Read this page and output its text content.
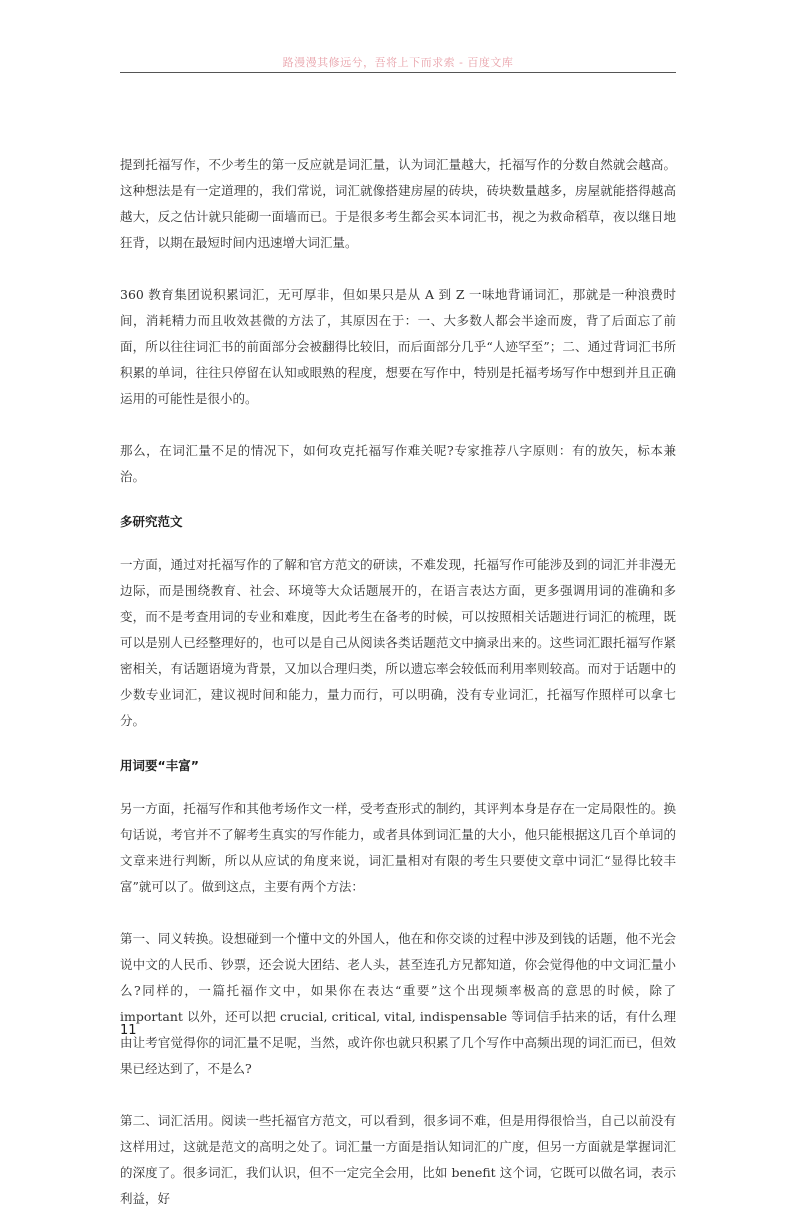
路漫漫其修远兮，吾将上下而求索 - 百度文库

提到托福写作，不少考生的第一反应就是词汇量，认为词汇量越大，托福写作的分数自然就会越高。这种想法是有一定道理的，我们常说，词汇就像搭建房屋的砖块，砖块数量越多，房屋就能搭得越高越大，反之估计就只能砌一面墙而已。于是很多考生都会买本词汇书，视之为救命稻草，夜以继日地狂背，以期在最短时间内迅速增大词汇量。

360 教育集团说积累词汇，无可厚非，但如果只是从 A 到 Z 一味地背诵词汇，那就是一种浪费时间，消耗精力而且收效甚微的方法了，其原因在于：一、大多数人都会半途而废，背了后面忘了前面，所以往往词汇书的前面部分会被翻得比较旧，而后面部分几乎“人迹罕至”；二、通过背词汇书所积累的单词，往往只停留在认知或眼熟的程度，想要在写作中，特别是托福考场写作中想到并且正确运用的可能性是很小的。

那么，在词汇量不足的情况下，如何攻克托福写作难关呢?专家推荐八字原则：有的放矢，标本兼治。

多研究范文

一方面，通过对托福写作的了解和官方范文的研读，不难发现，托福写作可能涉及到的词汇并非漫无边际，而是围绕教育、社会、环境等大众话题展开的，在语言表达方面，更多强调用词的准确和多变，而不是考查用词的专业和难度，因此考生在备考的时候，可以按照相关话题进行词汇的梳理，既可以是别人已经整理好的，也可以是自己从阅读各类话题范文中摘录出来的。这些词汇跟托福写作紧密相关，有话题语境为背景，又加以合理归类，所以遗忘率会较低而利用率则较高。而对于话题中的少数专业词汇，建议视时间和能力，量力而行，可以明确，没有专业词汇，托福写作照样可以拿七分。

用词要“丰富”

另一方面，托福写作和其他考场作文一样，受考查形式的制约，其评判本身是存在一定局限性的。换句话说，考官并不了解考生真实的写作能力，或者具体到词汇量的大小，他只能根据这几百个单词的文章来进行判断，所以从应试的角度来说，词汇量相对有限的考生只要使文章中词汇“显得比较丰富”就可以了。做到这点，主要有两个方法：

第一、同义转换。设想碰到一个懂中文的外国人，他在和你交谈的过程中涉及到钱的话题，他不光会说中文的人民币、钞票，还会说大团结、老人头，甚至连孔方兄都知道，你会觉得他的中文词汇量小么?同样的，一篇托福作文中，如果你在表达“重要”这个出现频率极高的意思的时候，除了 important 以外，还可以把 crucial, critical, vital, indispensable 等词信手拈来的话，有什么理由让考官觉得你的词汇量不足呢，当然，或许你也就只积累了几个写作中高频出现的词汇而已，但效果已经达到了，不是么?

第二、词汇活用。阅读一些托福官方范文，可以看到，很多词不难，但是用得很恰当，自己以前没有这样用过，这就是范文的高明之处了。词汇量一方面是指认知词汇的广度，但另一方面就是掌握词汇的深度了。很多词汇，我们认识，但不一定完全会用，比如 benefit 这个词，它既可以做名词，表示利益，好

11
